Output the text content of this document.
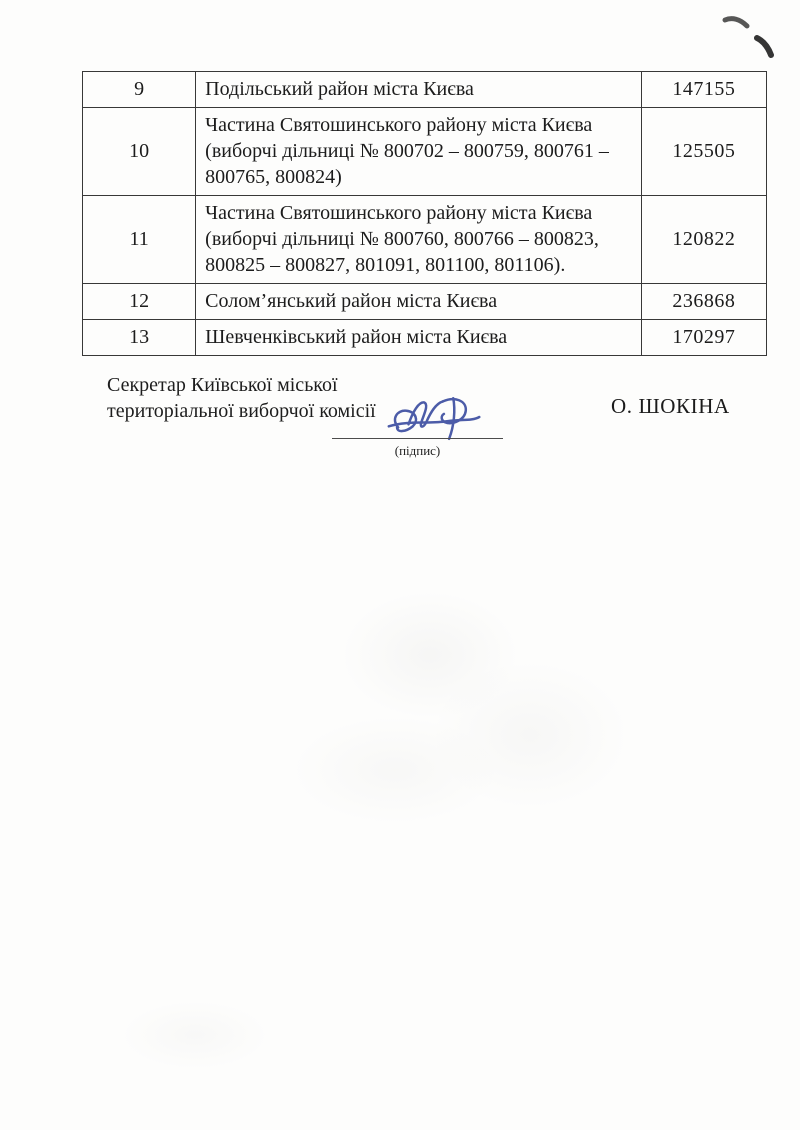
9	Подільський район міста Києва	147155
10	Частина Святошинського району міста Києва (виборчі дільниці № 800702 – 800759, 800761 – 800765, 800824)	125505
11	Частина Святошинського району міста Києва (виборчі дільниці № 800760, 800766 – 800823, 800825 – 800827, 801091, 801100, 801106).	120822
12	Солом’янський район міста Києва	236868
13	Шевченківський район міста Києва	170297
Секретар Київської міської
територіальної виборчої комісії
(підпис)
О. ШОКІНА
